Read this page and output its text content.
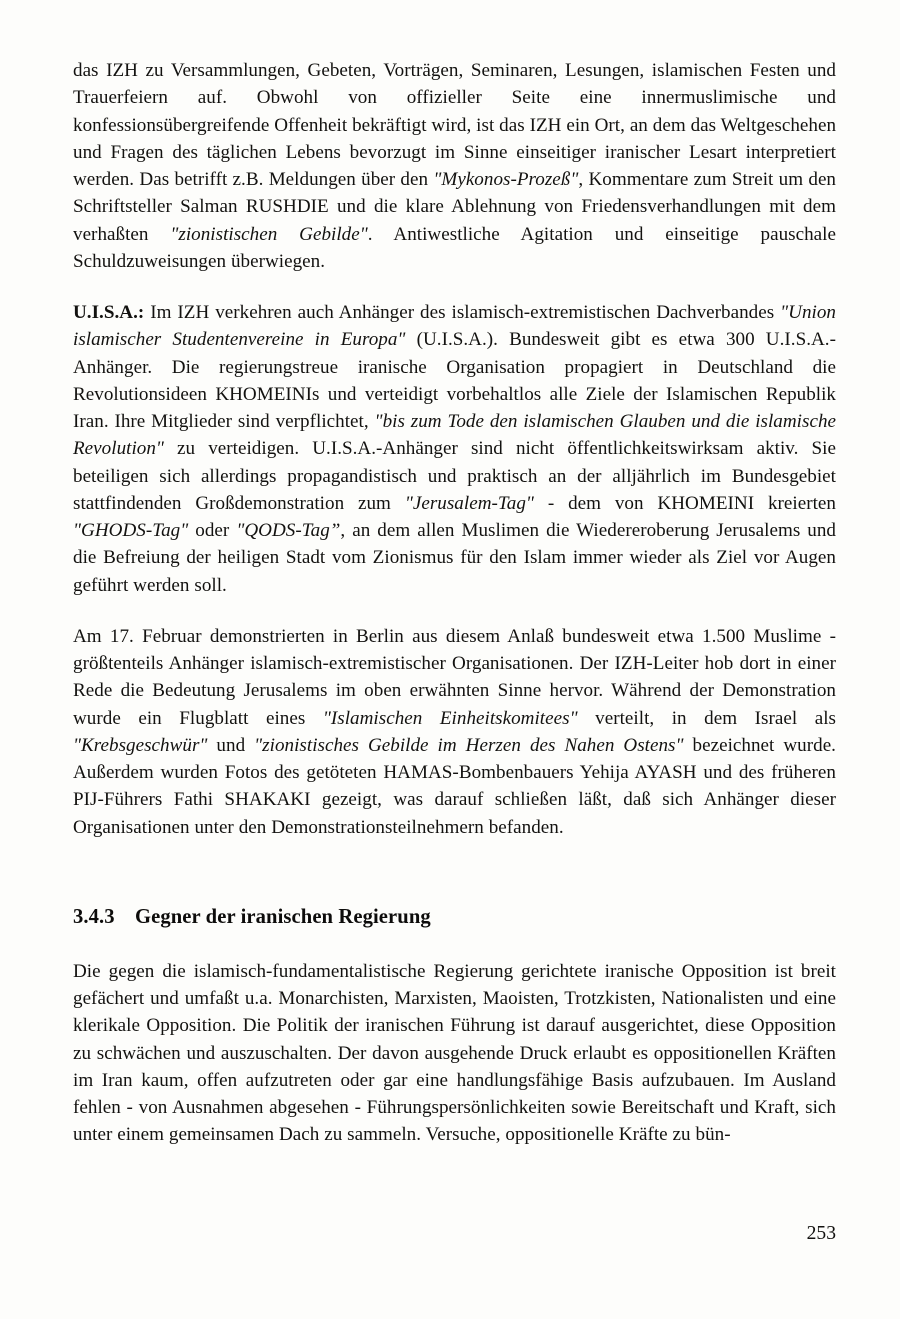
das IZH zu Versammlungen, Gebeten, Vorträgen, Seminaren, Lesungen, islamischen Festen und Trauerfeiern auf. Obwohl von offizieller Seite eine innermuslimische und konfessionsübergreifende Offenheit bekräftigt wird, ist das IZH ein Ort, an dem das Weltgeschehen und Fragen des täglichen Lebens bevorzugt im Sinne einseitiger iranischer Lesart interpretiert werden. Das betrifft z.B. Meldungen über den "Mykonos-Prozeß", Kommentare zum Streit um den Schriftsteller Salman RUSHDIE und die klare Ablehnung von Friedensverhandlungen mit dem verhaßten "zionistischen Gebilde". Antiwestliche Agitation und einseitige pauschale Schuldzuweisungen überwiegen.

U.I.S.A.: Im IZH verkehren auch Anhänger des islamisch-extremistischen Dachverbandes "Union islamischer Studentenvereine in Europa" (U.I.S.A.). Bundesweit gibt es etwa 300 U.I.S.A.-Anhänger. Die regierungstreue iranische Organisation propagiert in Deutschland die Revolutionsideen KHOMEINIs und verteidigt vorbehaltlos alle Ziele der Islamischen Republik Iran. Ihre Mitglieder sind verpflichtet, "bis zum Tode den islamischen Glauben und die islamische Revolution" zu verteidigen. U.I.S.A.-Anhänger sind nicht öffentlichkeitswirksam aktiv. Sie beteiligen sich allerdings propagandistisch und praktisch an der alljährlich im Bundesgebiet stattfindenden Großdemonstration zum "Jerusalem-Tag" - dem von KHOMEINI kreierten "GHODS-Tag" oder "QODS-Tag”, an dem allen Muslimen die Wiedereroberung Jerusalems und die Befreiung der heiligen Stadt vom Zionismus für den Islam immer wieder als Ziel vor Augen geführt werden soll.

Am 17. Februar demonstrierten in Berlin aus diesem Anlaß bundesweit etwa 1.500 Muslime - größtenteils Anhänger islamisch-extremistischer Organisationen. Der IZH-Leiter hob dort in einer Rede die Bedeutung Jerusalems im oben erwähnten Sinne hervor. Während der Demonstration wurde ein Flugblatt eines "Islamischen Einheitskomitees" verteilt, in dem Israel als "Krebsgeschwür" und "zionistisches Gebilde im Herzen des Nahen Ostens" bezeichnet wurde. Außerdem wurden Fotos des getöteten HAMAS-Bombenbauers Yehija AYASH und des früheren PIJ-Führers Fathi SHAKAKI gezeigt, was darauf schließen läßt, daß sich Anhänger dieser Organisationen unter den Demonstrationsteilnehmern befanden.

3.4.3 Gegner der iranischen Regierung

Die gegen die islamisch-fundamentalistische Regierung gerichtete iranische Opposition ist breit gefächert und umfaßt u.a. Monarchisten, Marxisten, Maoisten, Trotzkisten, Nationalisten und eine klerikale Opposition. Die Politik der iranischen Führung ist darauf ausgerichtet, diese Opposition zu schwächen und auszuschalten. Der davon ausgehende Druck erlaubt es oppositionellen Kräften im Iran kaum, offen aufzutreten oder gar eine handlungsfähige Basis aufzubauen. Im Ausland fehlen - von Ausnahmen abgesehen - Führungspersönlichkeiten sowie Bereitschaft und Kraft, sich unter einem gemeinsamen Dach zu sammeln. Versuche, oppositionelle Kräfte zu bün-

253
